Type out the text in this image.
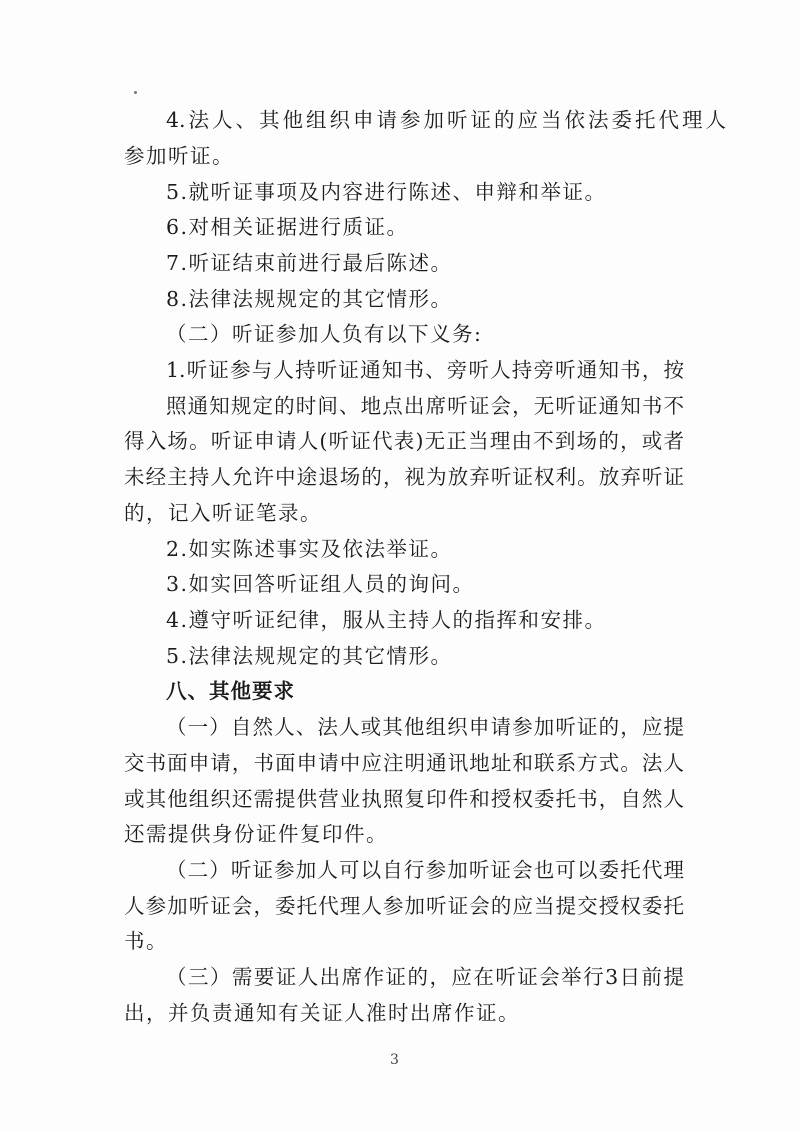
4.法人、其他组织申请参加听证的应当依法委托代理人
参加听证。
5.就听证事项及内容进行陈述、申辩和举证。
6.对相关证据进行质证。
7.听证结束前进行最后陈述。
8.法律法规规定的其它情形。
（二）听证参加人负有以下义务:
1.听证参与人持听证通知书、旁听人持旁听通知书，按
照通知规定的时间、地点出席听证会，无听证通知书不
得入场。听证申请人(听证代表)无正当理由不到场的，或者
未经主持人允许中途退场的，视为放弃听证权利。放弃听证
的，记入听证笔录。
2.如实陈述事实及依法举证。
3.如实回答听证组人员的询问。
4.遵守听证纪律，服从主持人的指挥和安排。
5.法律法规规定的其它情形。
八、其他要求
（一）自然人、法人或其他组织申请参加听证的，应提
交书面申请，书面申请中应注明通讯地址和联系方式。法人
或其他组织还需提供营业执照复印件和授权委托书，自然人
还需提供身份证件复印件。
（二）听证参加人可以自行参加听证会也可以委托代理
人参加听证会，委托代理人参加听证会的应当提交授权委托
书。
（三）需要证人出席作证的，应在听证会举行3日前提
出，并负责通知有关证人准时出席作证。
3
